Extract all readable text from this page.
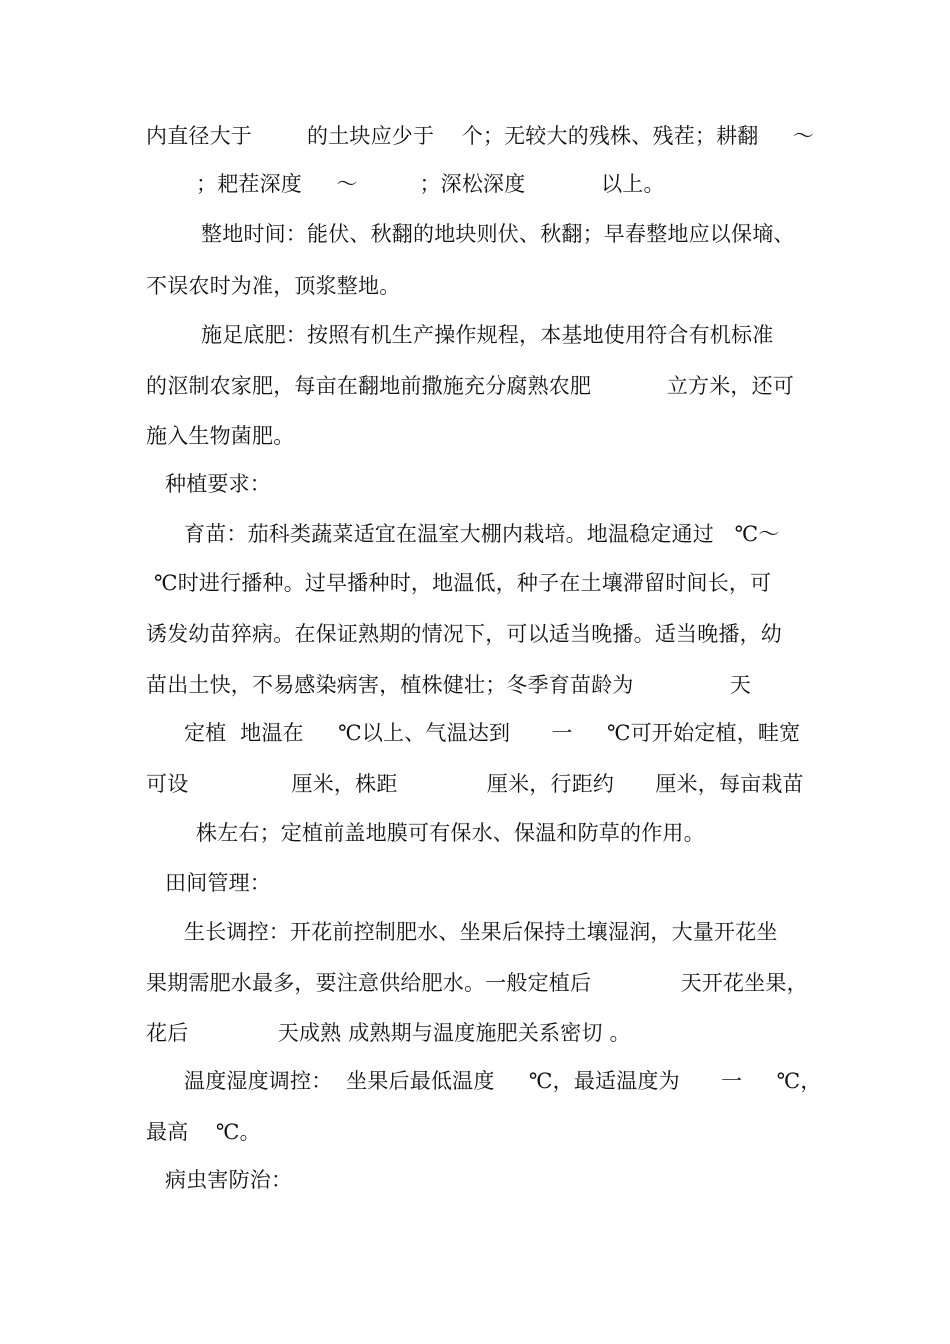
内直径大于        的土块应少于    个；无较大的残株、残茬；耕翻     ～

；耙茬深度     ～         ；深松深度           以上。

整地时间：能伏、秋翻的地块则伏、秋翻；早春整地应以保墒、

不误农时为准，顶浆整地。

施足底肥：按照有机生产操作规程，本基地使用符合有机标准

的沤制农家肥，每亩在翻地前撒施充分腐熟农肥           立方米，还可

施入生物菌肥。

种植要求：

育苗：茄科类蔬菜适宜在温室大棚内栽培。地温稳定通过   ℃～

℃时进行播种。过早播种时，地温低，种子在土壤滞留时间长，可

诱发幼苗猝病。在保证熟期的情况下，可以适当晚播。适当晚播，幼

苗出土快，不易感染病害，植株健壮；冬季育苗龄为              天

定植  地温在     ℃以上、气温达到      一     ℃可开始定植，畦宽

可设               厘米，株距             厘米，行距约      厘米，每亩栽苗

株左右；定植前盖地膜可有保水、保温和防草的作用。

田间管理：

生长调控：开花前控制肥水、坐果后保持土壤湿润，大量开花坐

果期需肥水最多，要注意供给肥水。一般定植后             天开花坐果，

花后             天成熟 成熟期与温度施肥关系密切 。

温度湿度调控：  坐果后最低温度     ℃，最适温度为      一     ℃，

最高    ℃。

病虫害防治：
